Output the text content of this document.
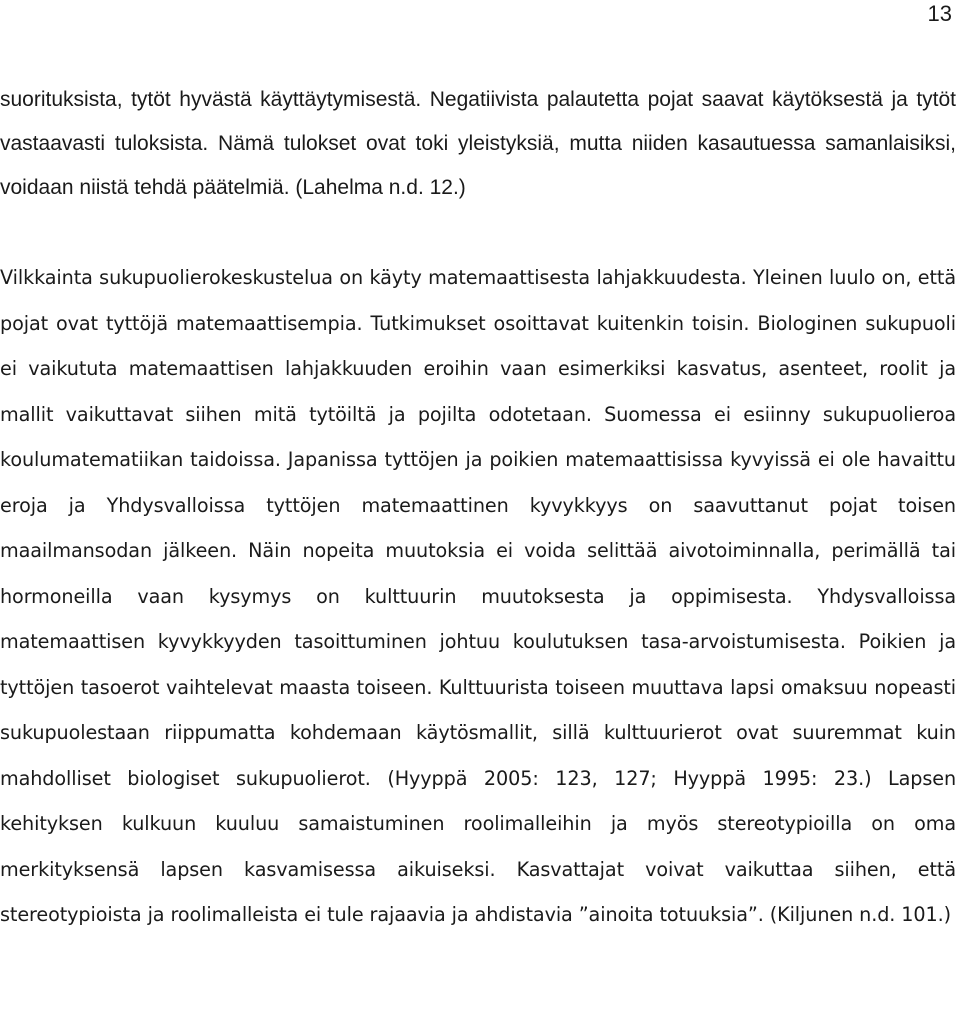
13

suorituksista, tytöt hyvästä käyttäytymisestä. Negatiivista palautetta pojat saavat käytöksestä ja tytöt vastaavasti tuloksista. Nämä tulokset ovat toki yleistyksiä, mutta niiden kasautuessa samanlaisiksi, voidaan niistä tehdä päätelmiä. (Lahelma n.d. 12.)

Vilkkainta sukupuolierokeskustelua on käyty matemaattisesta lahjakkuudesta. Yleinen luulo on, että pojat ovat tyttöjä matemaattisempia. Tutkimukset osoittavat kuitenkin toisin. Biologinen sukupuoli ei vaikututa matemaattisen lahjakkuuden eroihin vaan esimerkiksi kasvatus, asenteet, roolit ja mallit vaikuttavat siihen mitä tytöiltä ja pojilta odotetaan. Suomessa ei esiinny sukupuolieroa koulumatematiikan taidoissa. Japanissa tyttöjen ja poikien matemaattisissa kyvyissä ei ole havaittu eroja ja Yhdysvalloissa tyttöjen matemaattinen kyvykkyys on saavuttanut pojat toisen maailmansodan jälkeen. Näin nopeita muutoksia ei voida selittää aivotoiminnalla, perimällä tai hormoneilla vaan kysymys on kulttuurin muutoksesta ja oppimisesta. Yhdysvalloissa matemaattisen kyvykkyyden tasoittuminen johtuu koulutuksen tasa-arvoistumisesta. Poikien ja tyttöjen tasoerot vaihtelevat maasta toiseen. Kulttuurista toiseen muuttava lapsi omaksuu nopeasti sukupuolestaan riippumatta kohdemaan käytösmallit, sillä kulttuurierot ovat suuremmat kuin mahdolliset biologiset sukupuolierot. (Hyyppä 2005: 123, 127; Hyyppä 1995: 23.) Lapsen kehityksen kulkuun kuuluu samaistuminen roolimalleihin ja myös stereotypioilla on oma merkityksensä lapsen kasvamisessa aikuiseksi. Kasvattajat voivat vaikuttaa siihen, että stereotypioista ja roolimalleista ei tule rajaavia ja ahdistavia ”ainoita totuuksia”. (Kiljunen n.d. 101.)
